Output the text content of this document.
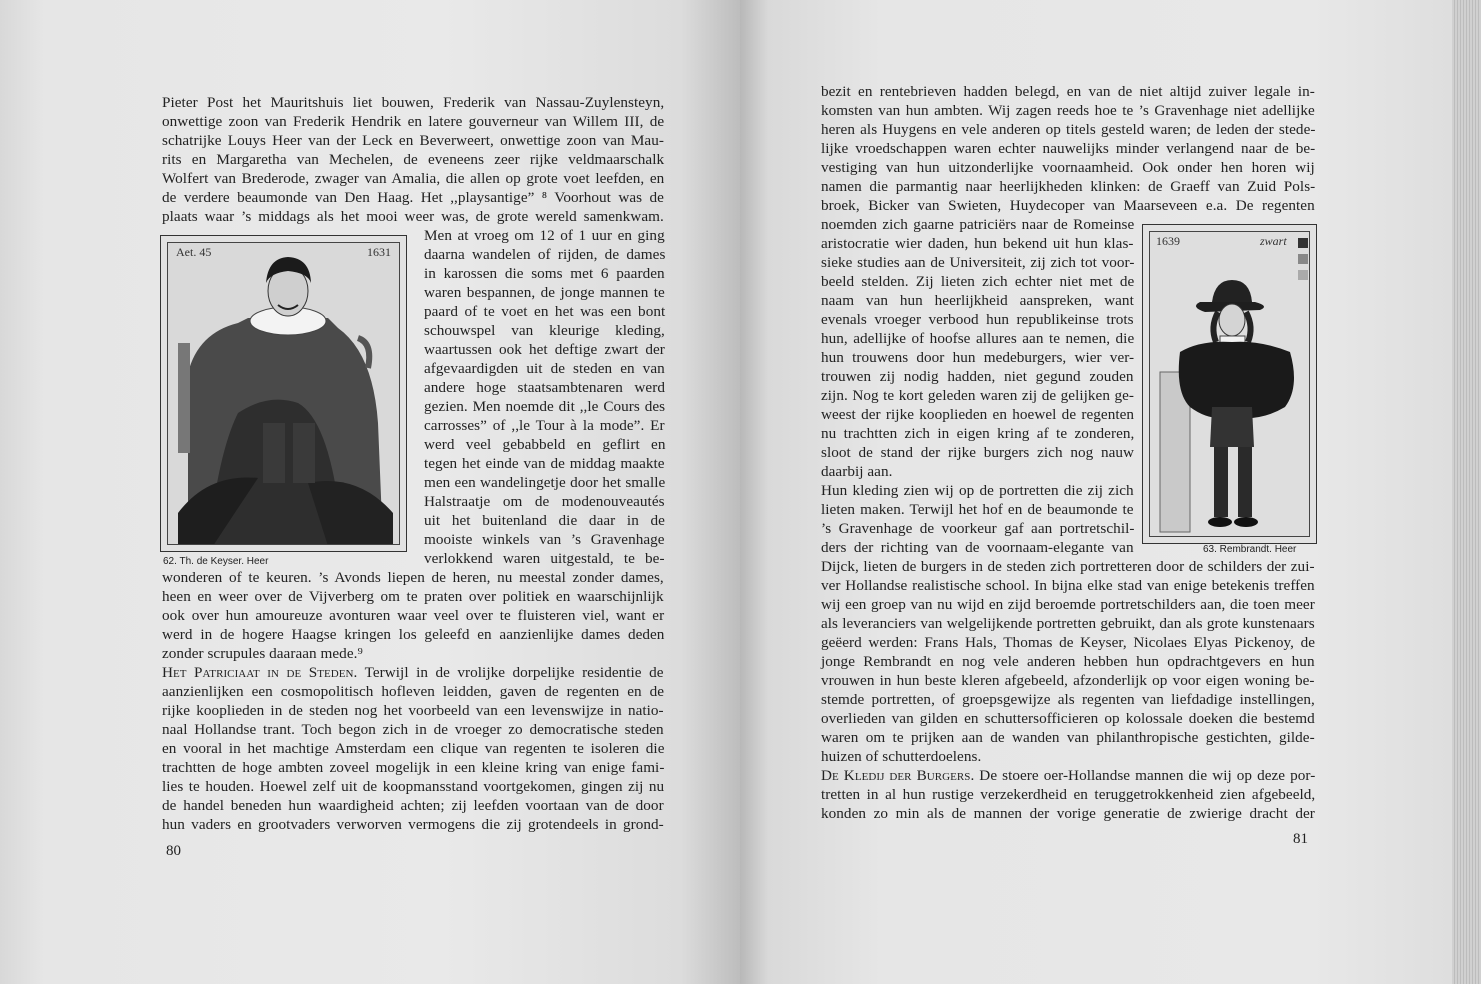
Pieter Post het Mauritshuis liet bouwen, Frederik van Nassau-Zuylensteyn,
onwettige zoon van Frederik Hendrik en latere gouverneur van Willem III, de
schatrijke Louys Heer van der Leck en Beverweert, onwettige zoon van Mau-
rits en Margaretha van Mechelen, de eveneens zeer rijke veldmaarschalk
Wolfert van Brederode, zwager van Amalia, die allen op grote voet leefden, en
de verdere beaumonde van Den Haag. Het ,,playsantige” ⁸ Voorhout was de
plaats waar ’s middags als het mooi weer was, de grote wereld samenkwam.
Men at vroeg om 12 of 1 uur en ging
daarna wandelen of rijden, de dames
in karossen die soms met 6 paarden
waren bespannen, de jonge mannen te
paard of te voet en het was een bont
schouwspel van kleurige kleding,
waartussen ook het deftige zwart der
afgevaardigden uit de steden en van
andere hoge staatsambtenaren werd
gezien. Men noemde dit ,,le Cours des
carrosses” of ,,le Tour à la mode”. Er
werd veel gebabbeld en geflirt en
tegen het einde van de middag maakte
men een wandelingetje door het smalle
Halstraatje om de modenouveautés
uit het buitenland die daar in de
mooiste winkels van ’s Gravenhage
verlokkend waren uitgestald, te be-
wonderen of te keuren. ’s Avonds liepen de heren, nu meestal zonder dames,
heen en weer over de Vijverberg om te praten over politiek en waarschijnlijk
ook over hun amoureuze avonturen waar veel over te fluisteren viel, want er
werd in de hogere Haagse kringen los geleefd en aanzienlijke dames deden
zonder scrupules daaraan mede.⁹
Het Patriciaat in de Steden. Terwijl in de vrolijke dorpelijke residentie de
aanzienlijken een cosmopolitisch hofleven leidden, gaven de regenten en de
rijke kooplieden in de steden nog het voorbeeld van een levenswijze in natio-
naal Hollandse trant. Toch begon zich in de vroeger zo democratische steden
en vooral in het machtige Amsterdam een clique van regenten te isoleren die
trachtten de hoge ambten zoveel mogelijk in een kleine kring van enige fami-
lies te houden. Hoewel zelf uit de koopmansstand voortgekomen, gingen zij nu
de handel beneden hun waardigheid achten; zij leefden voortaan van de door
hun vaders en grootvaders verworven vermogens die zij grotendeels in grond-
Aet. 45	1631
62. Th. de Keyser. Heer
80
bezit en rentebrieven hadden belegd, en van de niet altijd zuiver legale in-
komsten van hun ambten. Wij zagen reeds hoe te ’s Gravenhage niet adellijke
heren als Huygens en vele anderen op titels gesteld waren; de leden der stede-
lijke vroedschappen waren echter nauwelijks minder verlangend naar de be-
vestiging van hun uitzonderlijke voornaamheid. Ook onder hen horen wij
namen die parmantig naar heerlijkheden klinken: de Graeff van Zuid Pols-
broek, Bicker van Swieten, Huydecoper van Maarseveen e.a. De regenten
noemden zich gaarne patriciërs naar de Romeinse
aristocratie wier daden, hun bekend uit hun klas-
sieke studies aan de Universiteit, zij zich tot voor-
beeld stelden. Zij lieten zich echter niet met de
naam van hun heerlijkheid aanspreken, want
evenals vroeger verbood hun republikeinse trots
hun, adellijke of hoofse allures aan te nemen, die
hun trouwens door hun medeburgers, wier ver-
trouwen zij nodig hadden, niet gegund zouden
zijn. Nog te kort geleden waren zij de gelijken ge-
weest der rijke kooplieden en hoewel de regenten
nu trachtten zich in eigen kring af te zonderen,
sloot de stand der rijke burgers zich nog nauw
daarbij aan.
Hun kleding zien wij op de portretten die zij zich
lieten maken. Terwijl het hof en de beaumonde te
’s Gravenhage de voorkeur gaf aan portretschil-
ders der richting van de voornaam-elegante van
Dijck, lieten de burgers in de steden zich portretteren door de schilders der zui-
ver Hollandse realistische school. In bijna elke stad van enige betekenis treffen
wij een groep van nu wijd en zijd beroemde portretschilders aan, die toen meer
als leveranciers van welgelijkende portretten gebruikt, dan als grote kunstenaars
geëerd werden: Frans Hals, Thomas de Keyser, Nicolaes Elyas Pickenoy, de
jonge Rembrandt en nog vele anderen hebben hun opdrachtgevers en hun
vrouwen in hun beste kleren afgebeeld, afzonderlijk op voor eigen woning be-
stemde portretten, of groepsgewijze als regenten van liefdadige instellingen,
overlieden van gilden en schuttersofficieren op kolossale doeken die bestemd
waren om te prijken aan de wanden van philanthropische gestichten, gilde-
huizen of schutterdoelens.
De Kledij der Burgers. De stoere oer-Hollandse mannen die wij op deze por-
tretten in al hun rustige verzekerdheid en teruggetrokkenheid zien afgebeeld,
konden zo min als de mannen der vorige generatie de zwierige dracht der
1639	zwart
63. Rembrandt. Heer
81
